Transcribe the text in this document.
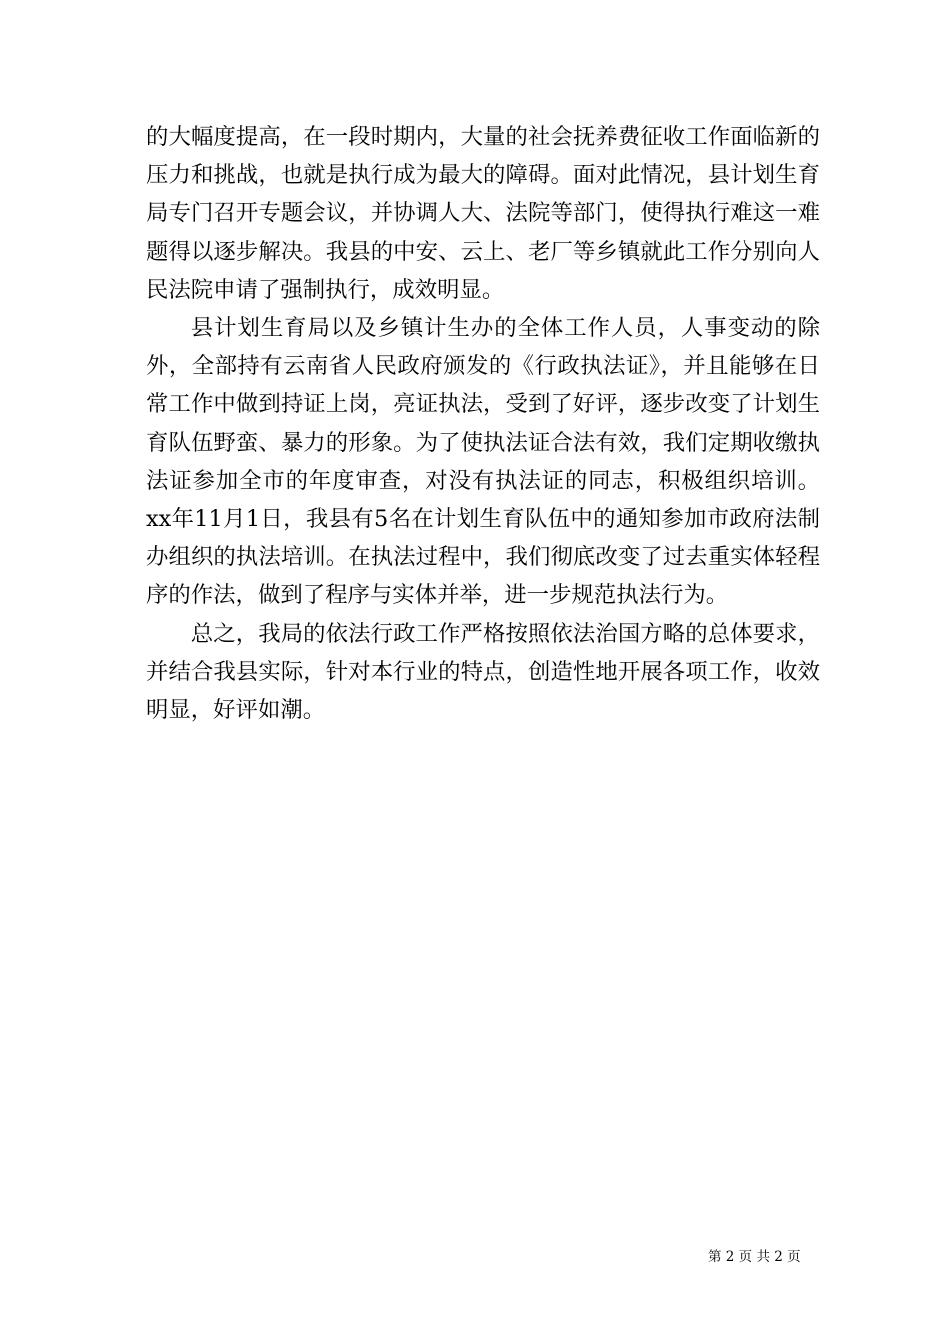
的大幅度提高，在一段时期内，大量的社会抚养费征收工作面临新的压力和挑战，也就是执行成为最大的障碍。面对此情况，县计划生育局专门召开专题会议，并协调人大、法院等部门，使得执行难这一难题得以逐步解决。我县的中安、云上、老厂等乡镇就此工作分别向人民法院申请了强制执行，成效明显。

县计划生育局以及乡镇计生办的全体工作人员，人事变动的除外，全部持有云南省人民政府颁发的《行政执法证》，并且能够在日常工作中做到持证上岗，亮证执法，受到了好评，逐步改变了计划生育队伍野蛮、暴力的形象。为了使执法证合法有效，我们定期收缴执法证参加全市的年度审查，对没有执法证的同志，积极组织培训。xx年11月1日，我县有5名在计划生育队伍中的通知参加市政府法制办组织的执法培训。在执法过程中，我们彻底改变了过去重实体轻程序的作法，做到了程序与实体并举，进一步规范执法行为。

总之，我局的依法行政工作严格按照依法治国方略的总体要求，并结合我县实际，针对本行业的特点，创造性地开展各项工作，收效明显，好评如潮。

第 2 页 共 2 页
